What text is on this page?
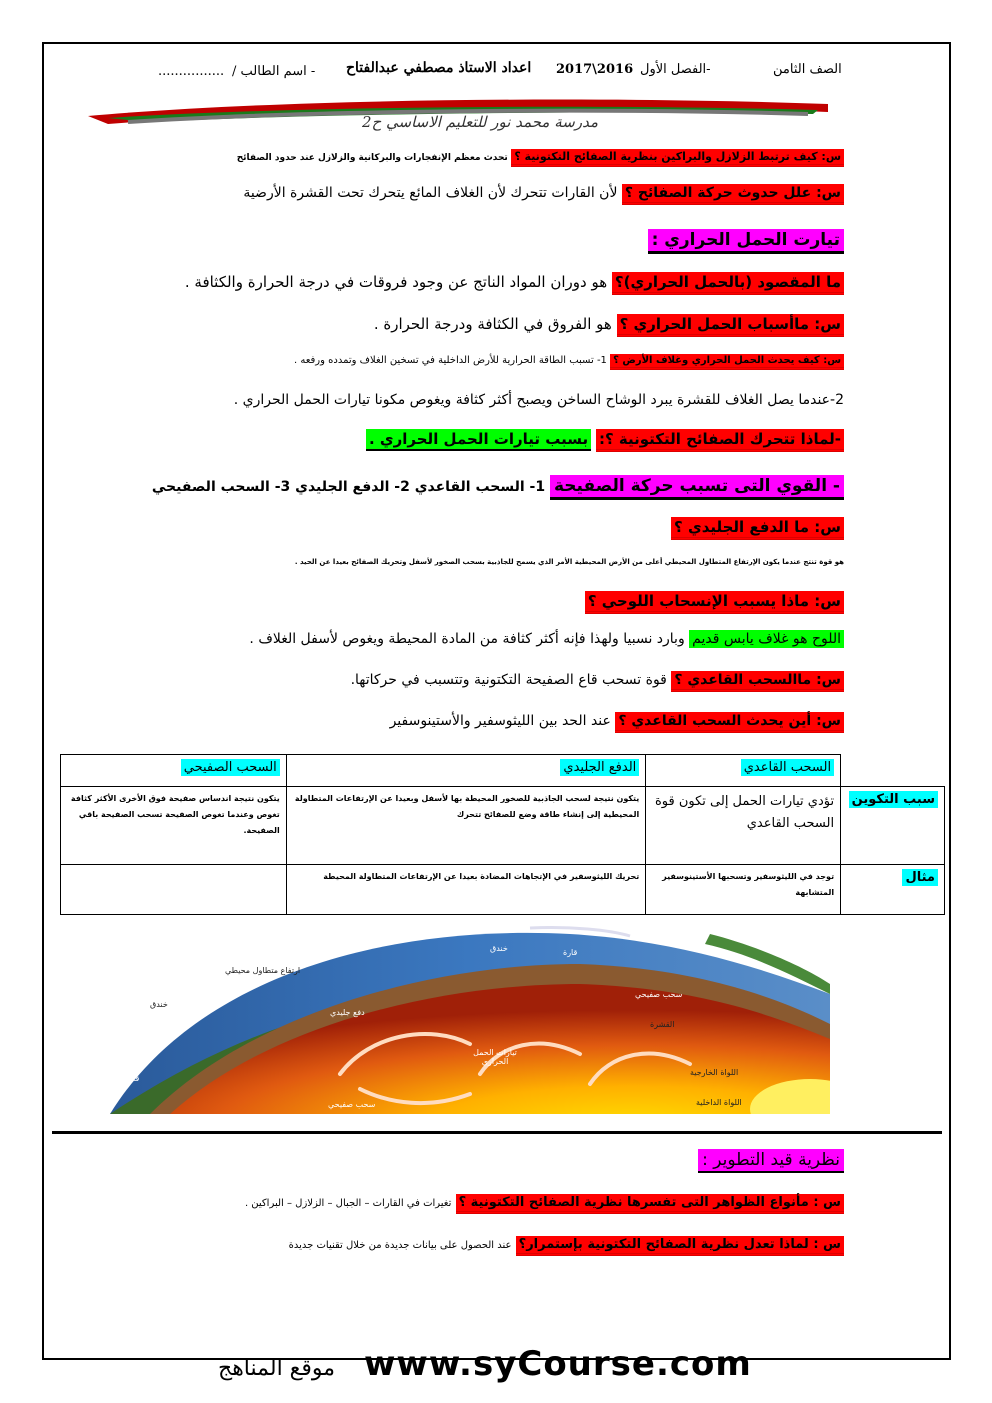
الصف الثامن
الفصل الأول-
2017\2016
اعداد الاستاذ مصطفي عبدالفتاح
- اسم الطالب /
................
مدرسة محمد نور للتعليم الاساسي ح2
س: كيف ترتبط الزلازل والبراكين بنظرية الصفائح التكتونية ؟ تحدث معظم الإنفجارات والبركانية والزلازل عند حدود الصفائح
س: علل حدوث حركة الصفائح ؟ لأن القارات تتحرك لأن الغلاف المائع يتحرك تحت القشرة الأرضية
تيارت الحمل الحراري :
ما المقصود (بالحمل الحراري)؟ هو دوران المواد الناتج عن وجود فروقات في درجة الحرارة والكثافة .
س: ماأسباب الحمل الحراري ؟ هو الفروق في الكثافة ودرجة الحرارة .
س: كيف يحدث الحمل الحراري وغلاف الأرض ؟ 1- تسبب الطاقة الحرارية للأرض الداخلية في تسخين الغلاف وتمدده ورفعه .
2-عندما يصل الغلاف للقشرة يبرد الوشاح الساخن ويصبح أكثر كثافة ويغوص مكونا تيارات الحمل الحراري .
-لماذا تتحرك الصفائح التكتونية ؟: بسبب تيارات الحمل الحراري .
- القوي التى تسبب حركة الصفيحة 1- السحب القاعدي 2- الدفع الجليدي 3- السحب الصفيحي
س: ما الدفع الجليدي ؟
هو قوة تنتج عندما يكون الإرتفاع المتطاول المحيطي أعلى من الأرض المحيطية الأمر الذي يسمح للجاذبية بسحب الصخور لأسفل وتحريك الصفائح بعيدا عن الحيد .
س: ماذا يسبب الإنسحاب اللوحي ؟
اللوح هو غلاف يابس قديم وبارد نسبيا ولهذا فإنه أكثر كثافة من المادة المحيطة ويغوص لأسفل الغلاف .
س: ماالسحب القاعدي ؟ قوة تسحب قاع الصفيحة التكتونية وتتسبب في حركاتها.
س: أين يحدث السحب القاعدي ؟ عند الحد بين الليثوسفير والأستينوسفير
	السحب القاعدي	الدفع الجليدي	السحب الصفيحي
سبب التكوين	تؤدي تيارات الحمل إلى تكون قوة السحب القاعدي	يتكون نتيجة لسحب الجاذبية للصخور المحيطة بها لأسفل وبعيدا عن الإرتفاعات المتطاولة المحيطية إلى إنشاء طاقة وضع للصفائح تتحرك	يتكون نتيجة اندساس صفيحة فوق الأخرى الأكثر كثافة تغوص وعندما تغوص الصفيحة تسحب الصفيحة باقي الصفيحة.
مثال	توجد في الليثوسفير وتسحبها الأستينوسفير المتشابهة	تحريك الليثوسفير في الإتجاهات المضادة بعيدا عن الإرتفاعات المتطاولة المحيطة	
ارتفاع متطاول محيطي
خندق
دفع جليدي
قارة
خندق
سحب صفيحي
القشرة
تيارات الحمل الحراري
اللواة الخارجية
اللواة الداخلية
قارة
سحب صفيحي
نظرية قيد التطوير :
س : مأنواع الظواهر التى تفسرها نظرية الصفائح التكتونية ؟ تغيرات في القارات – الجبال – الزلازل – البراكين .
س : لماذا تعدل نظرية الصفائح التكتونية بإستمرار؟ عند الحصول على بيانات جديدة من خلال تقنيات جديدة
www.syCourse.com
موقع المناهج
